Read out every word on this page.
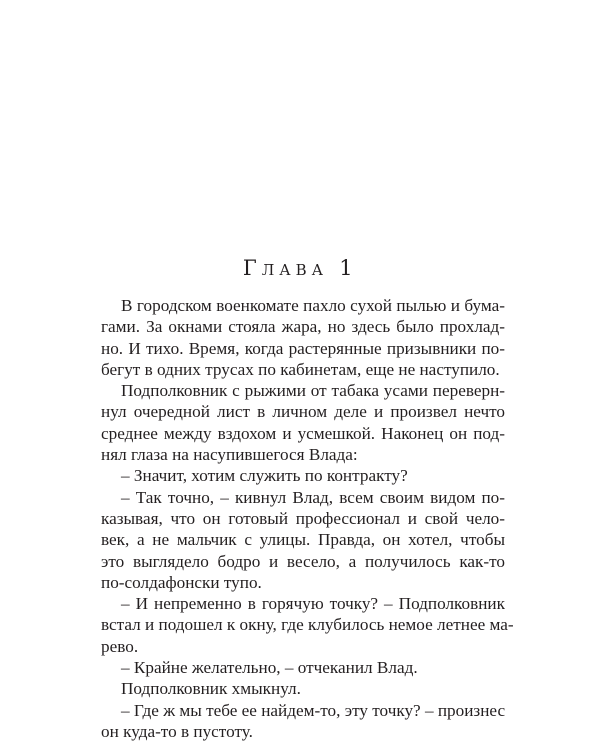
Глава 1

В городском военкомате пахло сухой пылью и бума-
гами. За окнами стояла жара, но здесь было прохлад-
но. И тихо. Время, когда растерянные призывники по-
бегут в одних трусах по кабинетам, еще не наступило.

Подполковник с рыжими от табака усами переверн-
нул очередной лист в личном деле и произвел нечто
среднее между вздохом и усмешкой. Наконец он под-
нял глаза на насупившегося Влада:

– Значит, хотим служить по контракту?

– Так точно, – кивнул Влад, всем своим видом по-
казывая, что он готовый профессионал и свой чело-
век, а не мальчик с улицы. Правда, он хотел, чтобы
это выглядело бодро и весело, а получилось как-то
по-солдафонски тупо.

– И непременно в горячую точку? – Подполковник
встал и подошел к окну, где клубилось немое летнее ма-
рево.

– Крайне желательно, – отчеканил Влад.

Подполковник хмыкнул.

– Где ж мы тебе ее найдем-то, эту точку? – произнес
он куда-то в пустоту.
